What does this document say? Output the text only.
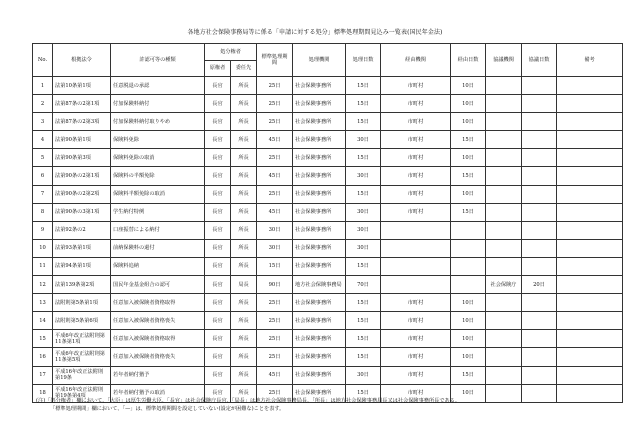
各地方社会保険事務局等に係る「申請に対する処分」標準処理期間見込み一覧表(国民年金法)
No.	根拠法令	許認可等の種類	処分権者		標準処理期間	処理機関	処理日数	経由機関	経由日数	協議機関	協議日数	備考
			原権者	委任先								
1	法第10条第1項	任意脱退の承認	長官	所長	25日	社会保険事務所	15日	市町村	10日			
2	法第87条の2第1項	付加保険料納付	長官	所長	25日	社会保険事務所	15日	市町村	10日			
3	法第87条の2第3項	付加保険料納付取りやめ	長官	所長	25日	社会保険事務所	15日	市町村	10日			
4	法第90条第1項	保険料免除	長官	所長	45日	社会保険事務所	30日	市町村	15日			
5	法第90条第3項	保険料免除の取消	長官	所長	25日	社会保険事務所	15日	市町村	10日			
6	法第90条の2第1項	保険料の半額免除	長官	所長	45日	社会保険事務所	30日	市町村	15日			
7	法第90条の2第2項	保険料半額免除の取消	長官	所長	25日	社会保険事務所	15日	市町村	10日			
8	法第90条の3第1項	学生納付特例	長官	所長	45日	社会保険事務所	30日	市町村	15日			
9	法第92条の2	口座振替による納付	長官	所長	30日	社会保険事務所	30日					
10	法第93条第1項	前納保険料の還付	長官	所長	30日	社会保険事務所	30日					
11	法第94条第1項	保険料追納	長官	所長	15日	社会保険事務所	15日					
12	法第139条第2項	国民年金基金組合の認可	長官	局長	90日	地方社会保険事務局	70日			社会保険庁	20日	
13	法附則第5条第1項	任意加入被保険者資格取得	長官	所長	25日	社会保険事務所	15日	市町村	10日			
14	法附則第5条第6項	任意加入被保険者資格喪失	長官	所長	25日	社会保険事務所	15日	市町村	10日			
15	平成6年改正法附則第11条第1項	任意加入被保険者資格取得	長官	所長	25日	社会保険事務所	15日	市町村	10日			
16	平成6年改正法附則第11条第5項	任意加入被保険者資格喪失	長官	所長	25日	社会保険事務所	15日	市町村	10日			
17	平成16年改正法附則第19条	若年者納付猶予	長官	所長	45日	社会保険事務所	30日	市町村	15日			
18	平成16年改正法附則第19条第4項	若年者納付猶予の取消	長官	所長	25日	社会保険事務所	15日	市町村	10日			
(注)「処分権者」欄において、「大臣」は厚生労働大臣、「長官」は社会保険庁長官、「局長」は地方社会保険事務局長、「所長」は地方社会保険事務局長又は社会保険事務所長である。
「標準処理期間」欄において、「—」は、標準処理期間を設定していない(設定が困難な)ことを表す。
